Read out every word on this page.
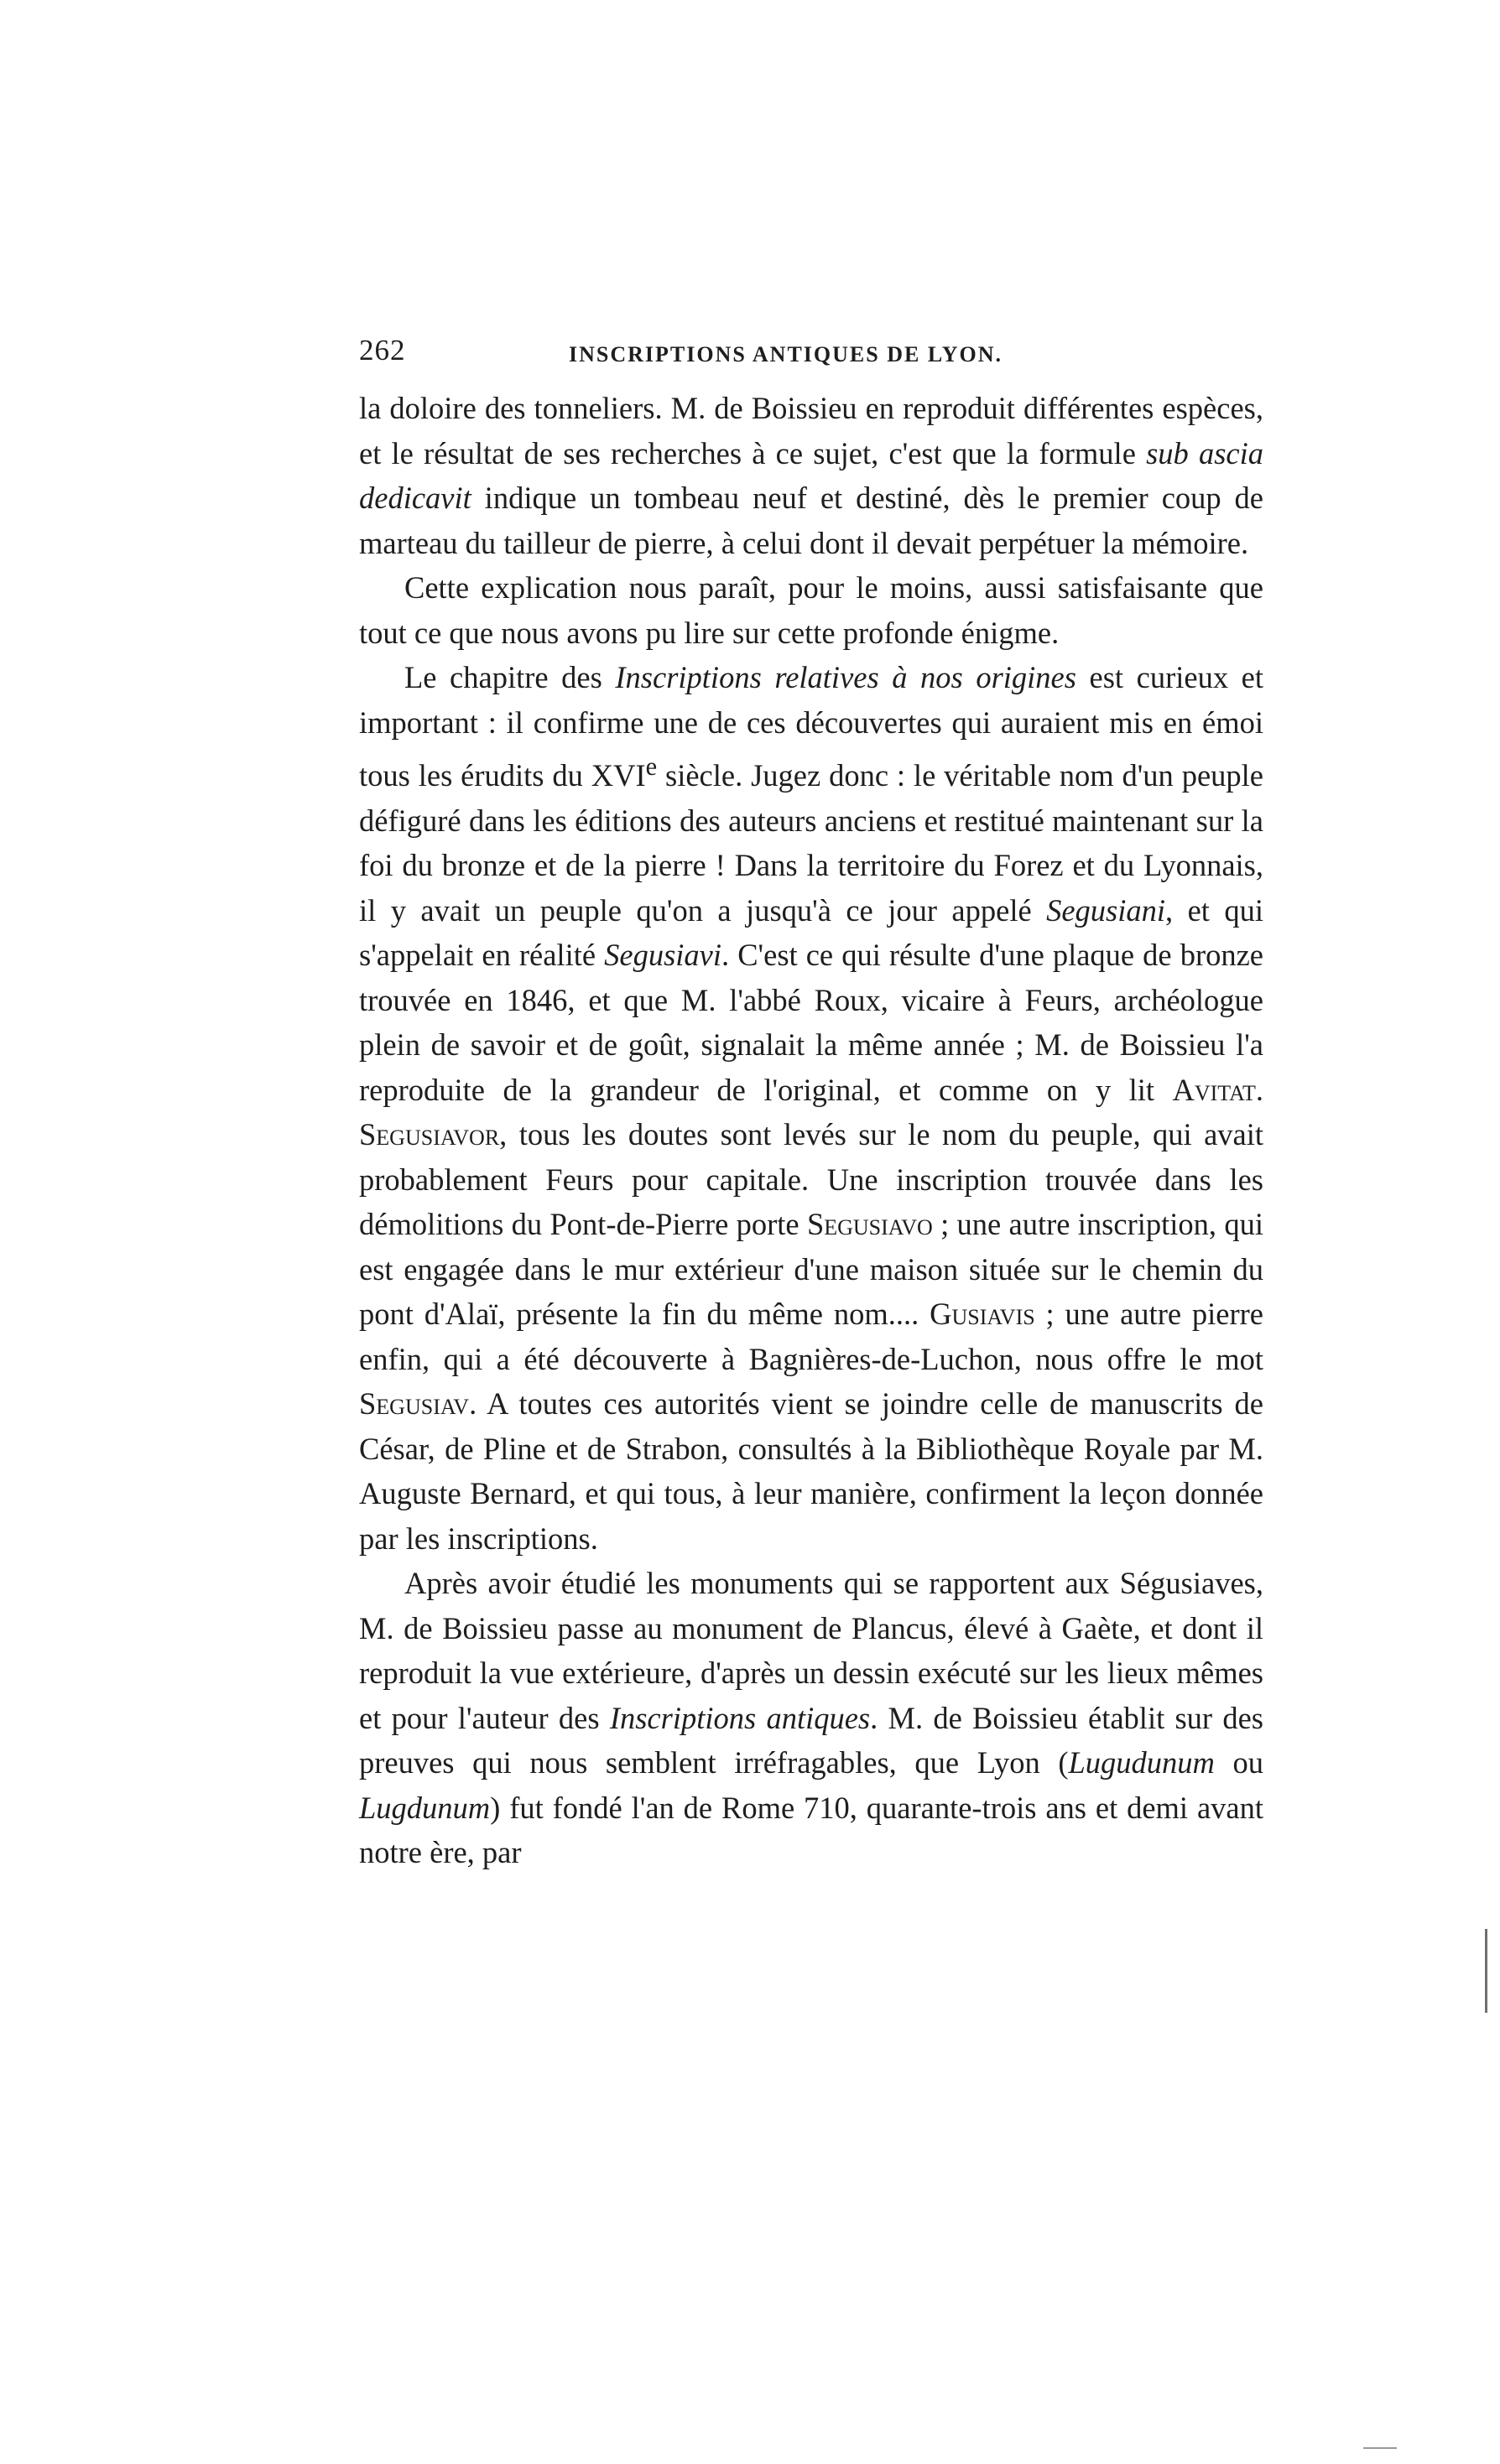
262	INSCRIPTIONS ANTIQUES DE LYON.

la doloire des tonneliers. M. de Boissieu en reproduit différentes espèces, et le résultat de ses recherches à ce sujet, c'est que la formule sub ascia dedicavit indique un tombeau neuf et destiné, dès le premier coup de marteau du tailleur de pierre, à celui dont il devait perpétuer la mémoire.

Cette explication nous paraît, pour le moins, aussi satisfaisante que tout ce que nous avons pu lire sur cette profonde énigme.

Le chapitre des Inscriptions relatives à nos origines est curieux et important : il confirme une de ces découvertes qui auraient mis en émoi tous les érudits du XVIe siècle. Jugez donc : le véritable nom d'un peuple défiguré dans les éditions des auteurs anciens et restitué maintenant sur la foi du bronze et de la pierre ! Dans la territoire du Forez et du Lyonnais, il y avait un peuple qu'on a jusqu'à ce jour appelé Segusiani, et qui s'appelait en réalité Segusiavi. C'est ce qui résulte d'une plaque de bronze trouvée en 1846, et que M. l'abbé Roux, vicaire à Feurs, archéologue plein de savoir et de goût, signalait la même année ; M. de Boissieu l'a reproduite de la grandeur de l'original, et comme on y lit Avitat. Segusiavor, tous les doutes sont levés sur le nom du peuple, qui avait probablement Feurs pour capitale. Une inscription trouvée dans les démolitions du Pont-de-Pierre porte Segusiavo ; une autre inscription, qui est engagée dans le mur extérieur d'une maison située sur le chemin du pont d'Alaï, présente la fin du même nom.... Gusiavis ; une autre pierre enfin, qui a été découverte à Bagnières-de-Luchon, nous offre le mot Segusiav. A toutes ces autorités vient se joindre celle de manuscrits de César, de Pline et de Strabon, consultés à la Bibliothèque Royale par M. Auguste Bernard, et qui tous, à leur manière, confirment la leçon donnée par les inscriptions.

Après avoir étudié les monuments qui se rapportent aux Ségusiaves, M. de Boissieu passe au monument de Plancus, élevé à Gaète, et dont il reproduit la vue extérieure, d'après un dessin exécuté sur les lieux mêmes et pour l'auteur des Inscriptions antiques. M. de Boissieu établit sur des preuves qui nous semblent irréfragables, que Lyon (Lugudunum ou Lugdunum) fut fondé l'an de Rome 710, quarante-trois ans et demi avant notre ère, par
